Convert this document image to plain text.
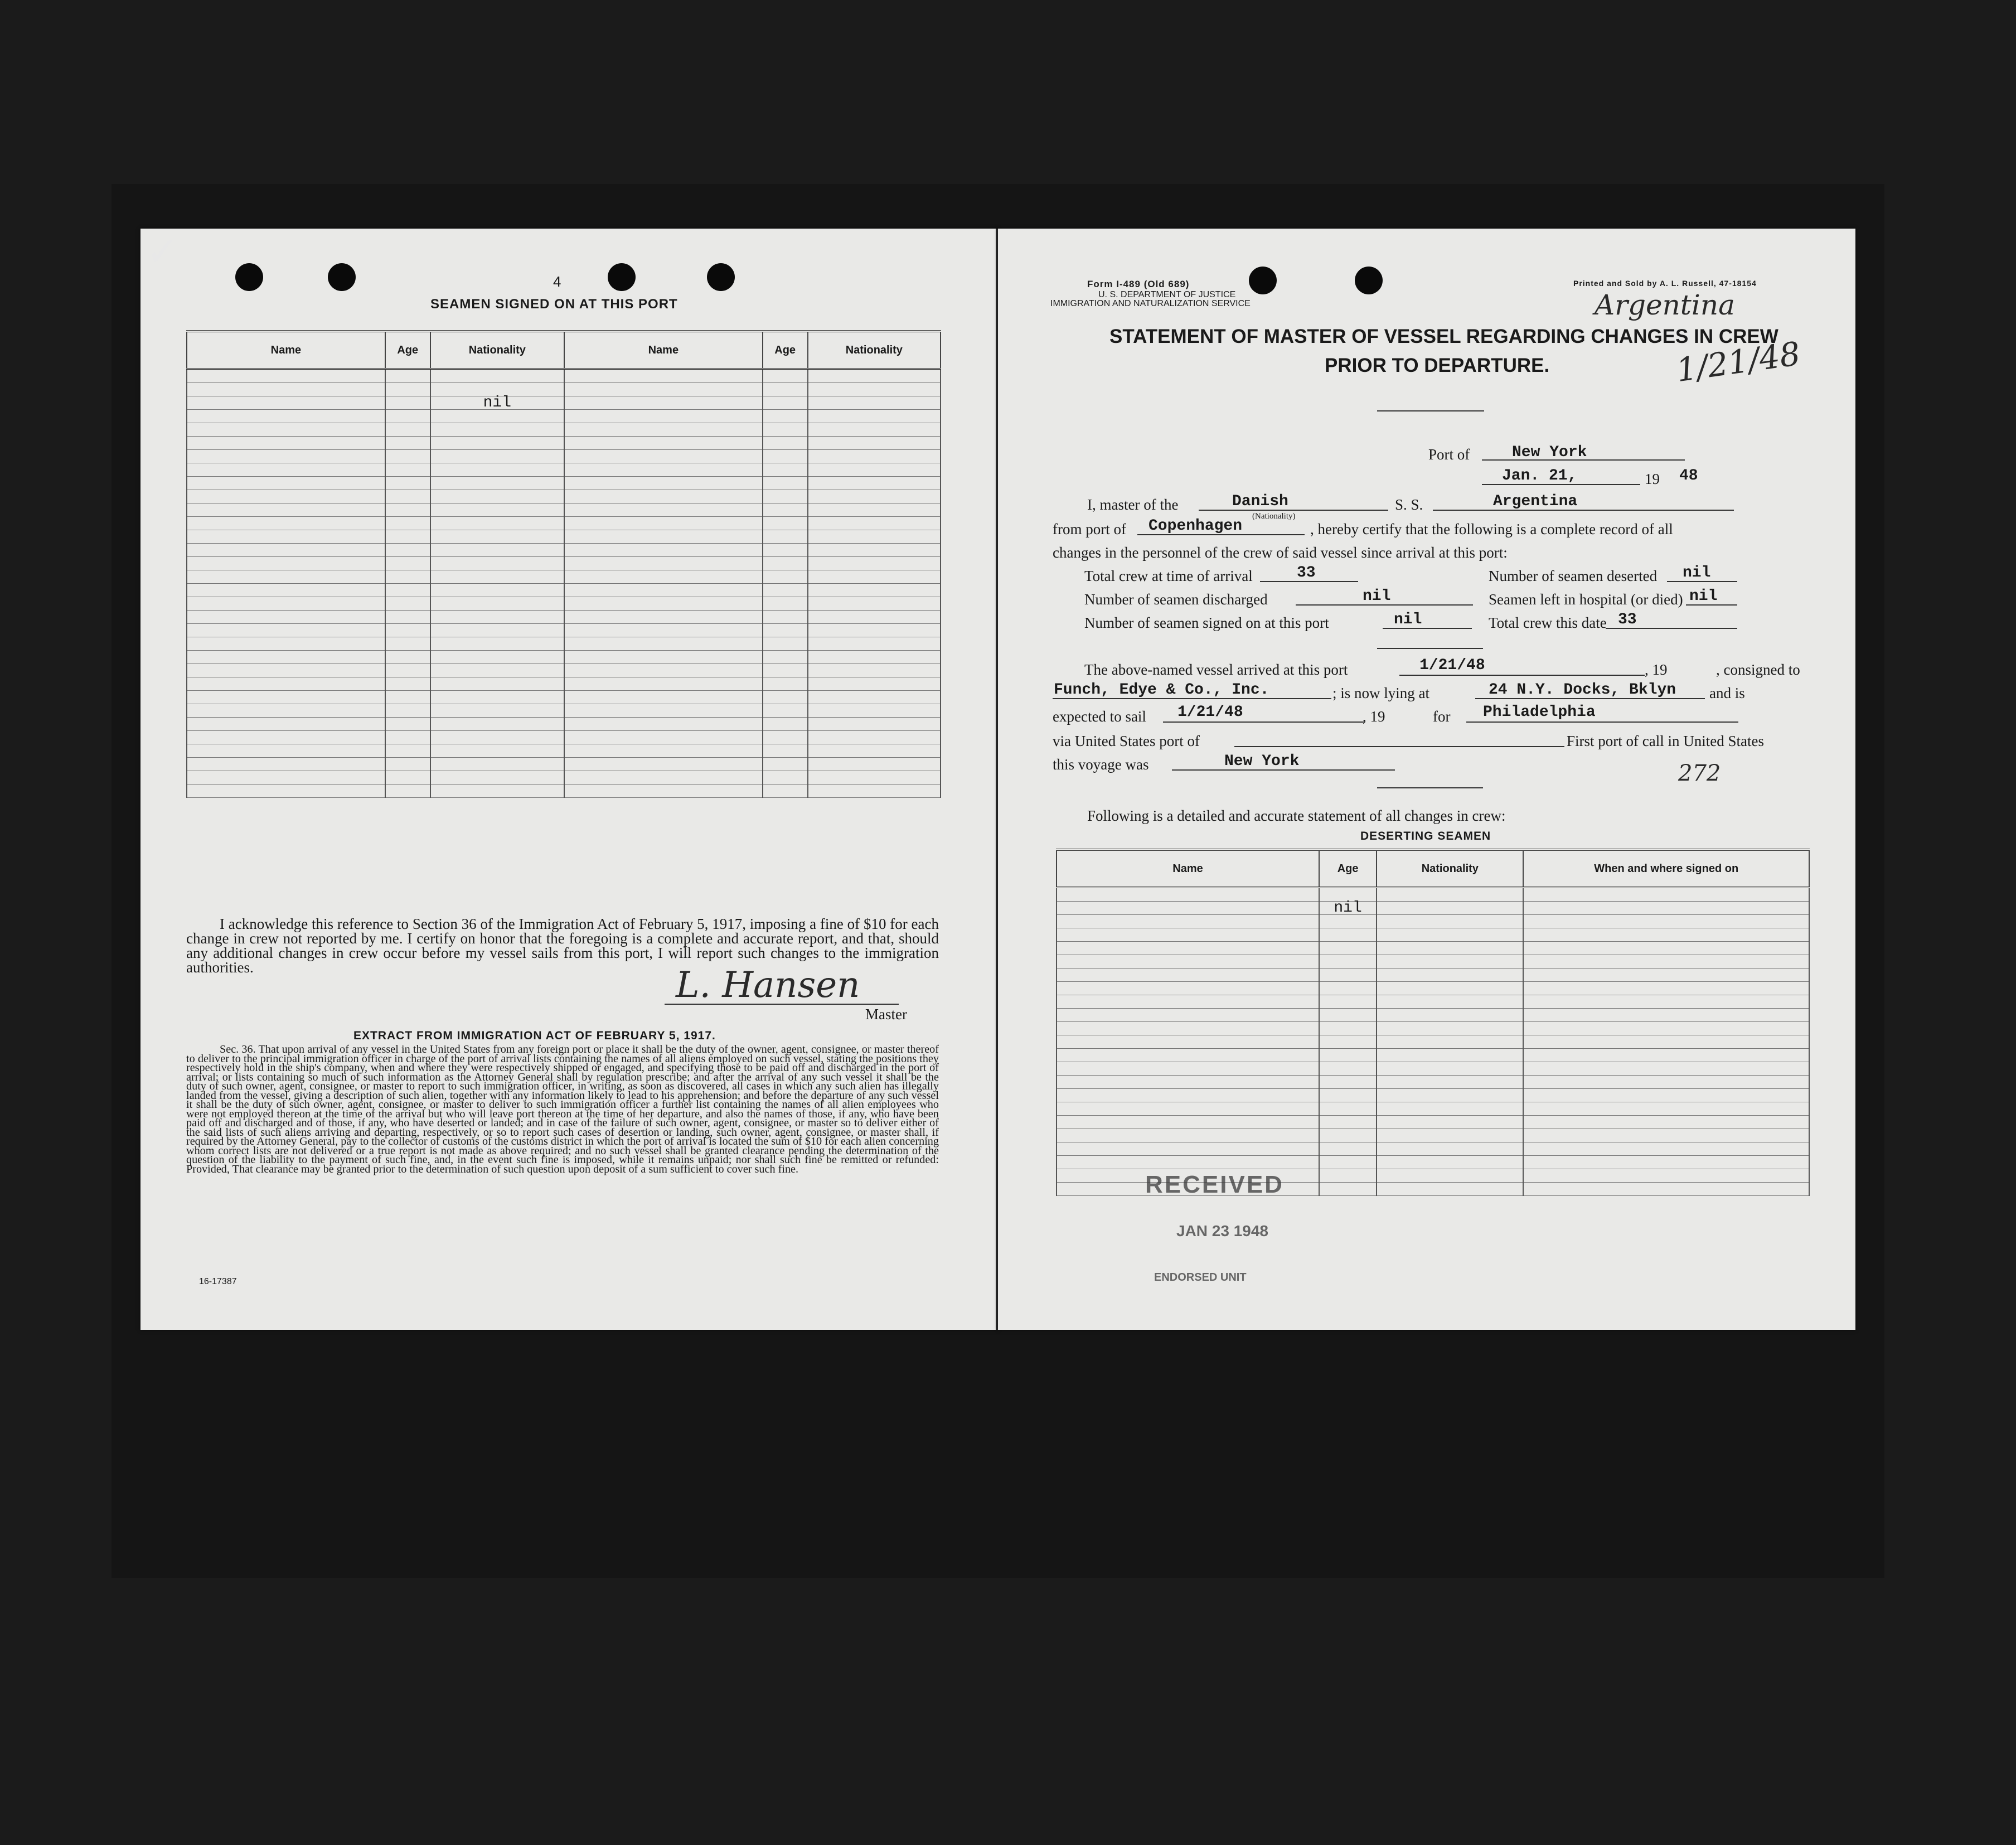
4
SEAMEN SIGNED ON AT THIS PORT
Name	Age	Nationality	Name	Age	Nationality

		nil			

I acknowledge this reference to Section 36 of the Immigration Act of February 5, 1917, imposing a fine of $10 for each change in crew not reported by me. I certify on honor that the foregoing is a complete and accurate report, and that, should any additional changes in crew occur before my vessel sails from this port, I will report such changes to the immigration authorities.	L. Hansen
Master
EXTRACT FROM IMMIGRATION ACT OF FEBRUARY 5, 1917.
Sec. 36. That upon arrival of any vessel in the United States from any foreign port or place it shall be the duty of the owner, agent, consignee, or master thereof to deliver to the principal immigration officer in charge of the port of arrival lists containing the names of all aliens employed on such vessel, stating the positions they respectively hold in the ship's company, when and where they were respectively shipped or engaged, and specifying those to be paid off and discharged in the port of arrival; or lists containing so much of such information as the Attorney General shall by regulation prescribe; and after the arrival of any such vessel it shall be the duty of such owner, agent, consignee, or master to report to such immigration officer, in writing, as soon as discovered, all cases in which any such alien has illegally landed from the vessel, giving a description of such alien, together with any information likely to lead to his apprehension; and before the departure of any such vessel it shall be the duty of such owner, agent, consignee, or master to deliver to such immigration officer a further list containing the names of all alien employees who were not employed thereon at the time of the arrival but who will leave port thereon at the time of her departure, and also the names of those, if any, who have been paid off and discharged and of those, if any, who have deserted or landed; and in case of the failure of such owner, agent, consignee, or master so to deliver either of the said lists of such aliens arriving and departing, respectively, or so to report such cases of desertion or landing, such owner, agent, consignee, or master shall, if required by the Attorney General, pay to the collector of customs of the customs district in which the port of arrival is located the sum of $10 for each alien concerning whom correct lists are not delivered or a true report is not made as above required; and no such vessel shall be granted clearance pending the determination of the question of the liability to the payment of such fine, and, in the event such fine is imposed, while it remains unpaid; nor shall such fine be remitted or refunded: Provided, That clearance may be granted prior to the determination of such question upon deposit of a sum sufficient to cover such fine.
16-17387
Form I-489 (Old 689)	Printed and Sold by A. L. Russell, 47-18154
U. S. DEPARTMENT OF JUSTICE
IMMIGRATION AND NATURALIZATION SERVICE	Argentina
1/21/48
STATEMENT OF MASTER OF VESSEL REGARDING CHANGES IN CREW
PRIOR TO DEPARTURE.
Port of	New York
Jan. 21,	19 48
I, master of the	Danish	S. S.	Argentina
from port of Copenhagen
(Nationality)
, hereby certify that the following is a complete record of all
changes in the personnel of the crew of said vessel since arrival at this port:
Total crew at time of arrival	33	Number of seamen deserted nil
Number of seamen discharged	nil	Seamen left in hospital (or died) nil
Number of seamen signed on at this port	nil	Total crew this date 33
The above-named vessel arrived at this port	1/21/48	, 19	, consigned to
Funch, Edye & Co., Inc.	; is now lying at	24 N.Y. Docks, Bklyn and is
expected to sail 1/21/48	, 19	for Philadelphia
via United States port of	First port of call in United States
this voyage was	New York	272
Following is a detailed and accurate statement of all changes in crew:
DESERTING SEAMEN
Name	Age	Nationality	When and where signed on

	nil		

RECEIVED
JAN 23 1948
ENDORSED UNIT
✓
